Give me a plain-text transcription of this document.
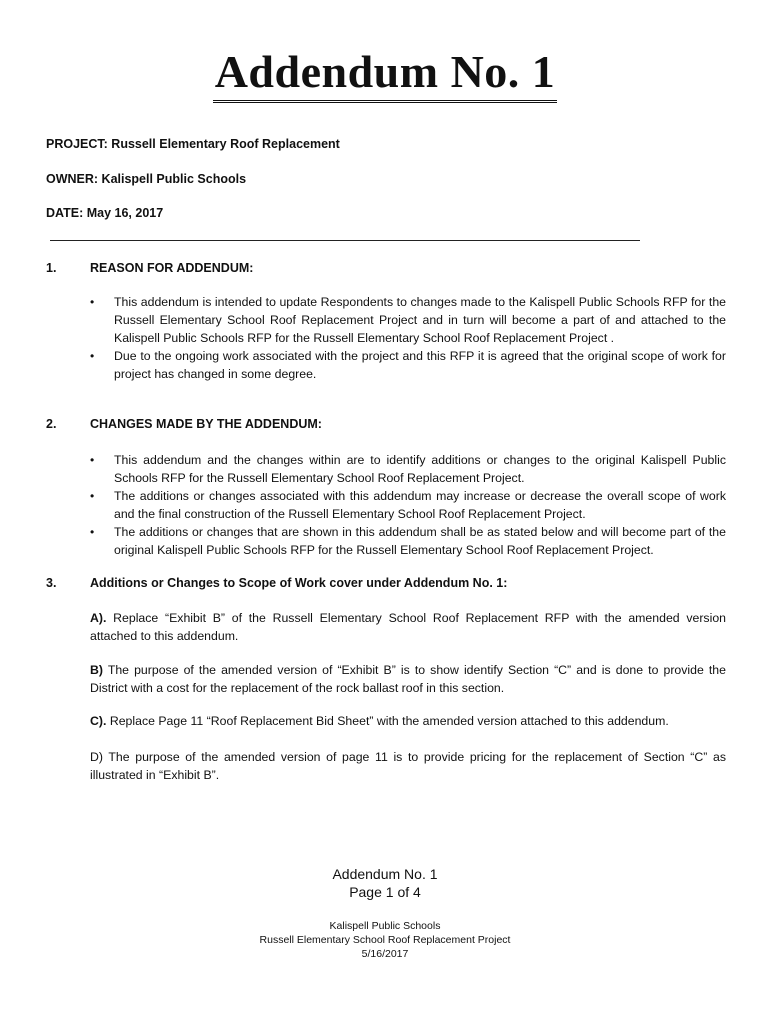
Addendum No. 1
PROJECT: Russell Elementary Roof Replacement
OWNER: Kalispell Public Schools
DATE: May 16, 2017
1.	REASON FOR ADDENDUM:
• This addendum is intended to update Respondents to changes made to the Kalispell Public Schools RFP for the Russell Elementary School Roof Replacement Project and in turn will become a part of and attached to the Kalispell Public Schools RFP for the Russell Elementary School Roof Replacement Project .
• Due to the ongoing work associated with the project and this RFP it is agreed that the original scope of work for project has changed in some degree.
2.	CHANGES MADE BY THE ADDENDUM:
• This addendum and the changes within are to identify additions or changes to the original Kalispell Public Schools RFP for the Russell Elementary School Roof Replacement Project.
• The additions or changes associated with this addendum may increase or decrease the overall scope of work and the final construction of the Russell Elementary School Roof Replacement Project.
• The additions or changes that are shown in this addendum shall be as stated below and will become part of the original Kalispell Public Schools RFP for the Russell Elementary School Roof Replacement Project.
3.	Additions or Changes to Scope of Work cover under Addendum No. 1:
A). Replace “Exhibit B” of the Russell Elementary School Roof Replacement RFP with the amended version attached to this addendum.
B) The purpose of the amended version of “Exhibit B” is to show identify Section “C” and is done to provide the District with a cost for the replacement of the rock ballast roof in this section.
C). Replace Page 11 “Roof Replacement Bid Sheet” with the amended version attached to this addendum.
D) The purpose of the amended version of page 11 is to provide pricing for the replacement of Section “C” as illustrated in “Exhibit B”.
Addendum No. 1
Page 1 of 4
Kalispell Public Schools
Russell Elementary School Roof Replacement Project
5/16/2017
